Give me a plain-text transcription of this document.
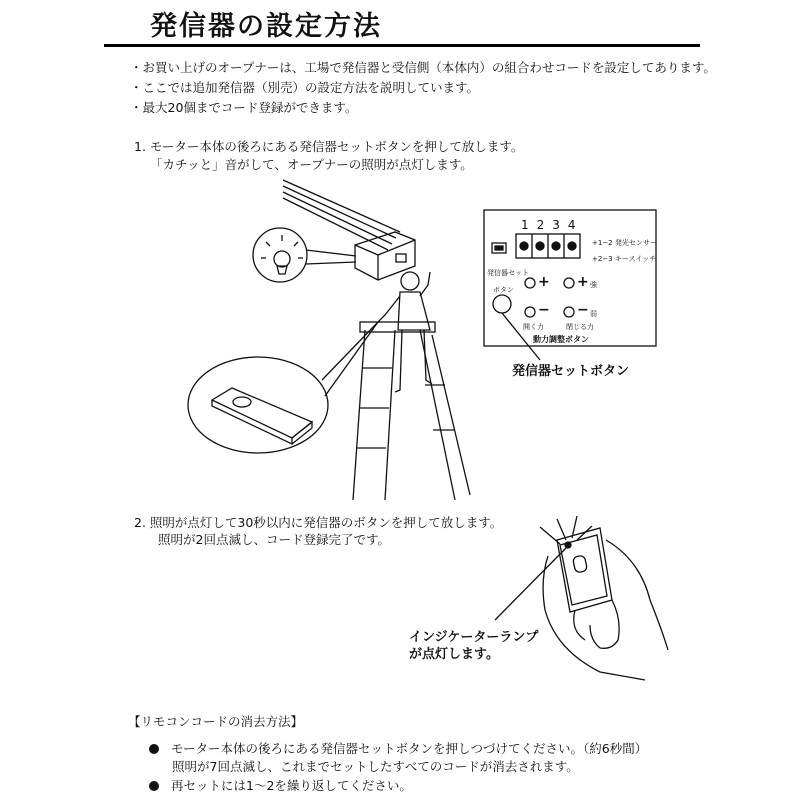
発信器の設定方法
・お買い上げのオープナーは、工場で発信器と受信側（本体内）の組合わせコードを設定してあります。
・ここでは追加発信器（別売）の設定方法を説明しています。
・最大20個までコード登録ができます。
1. モーター本体の後ろにある発信器セットボタンを押して放します。
「カチッと」音がして、オープナーの照明が点灯します。
1234
+1−2 発光センサー
+2−3 キースイッチ
発信器セット
ボタン + + 強
− − 弱
開く力	閉じる力
動力調整ボタン
発信器セットボタン
2. 照明が点灯して30秒以内に発信器のボタンを押して放します。
照明が2回点滅し、コード登録完了です。
インジケーターランプ
が点灯します。
【リモコンコードの消去方法】
モーター本体の後ろにある発信器セットボタンを押しつづけてください。（約6秒間）
照明が7回点滅し、これまでセットしたすべてのコードが消去されます。
再セットには1〜2を繰り返してください。
